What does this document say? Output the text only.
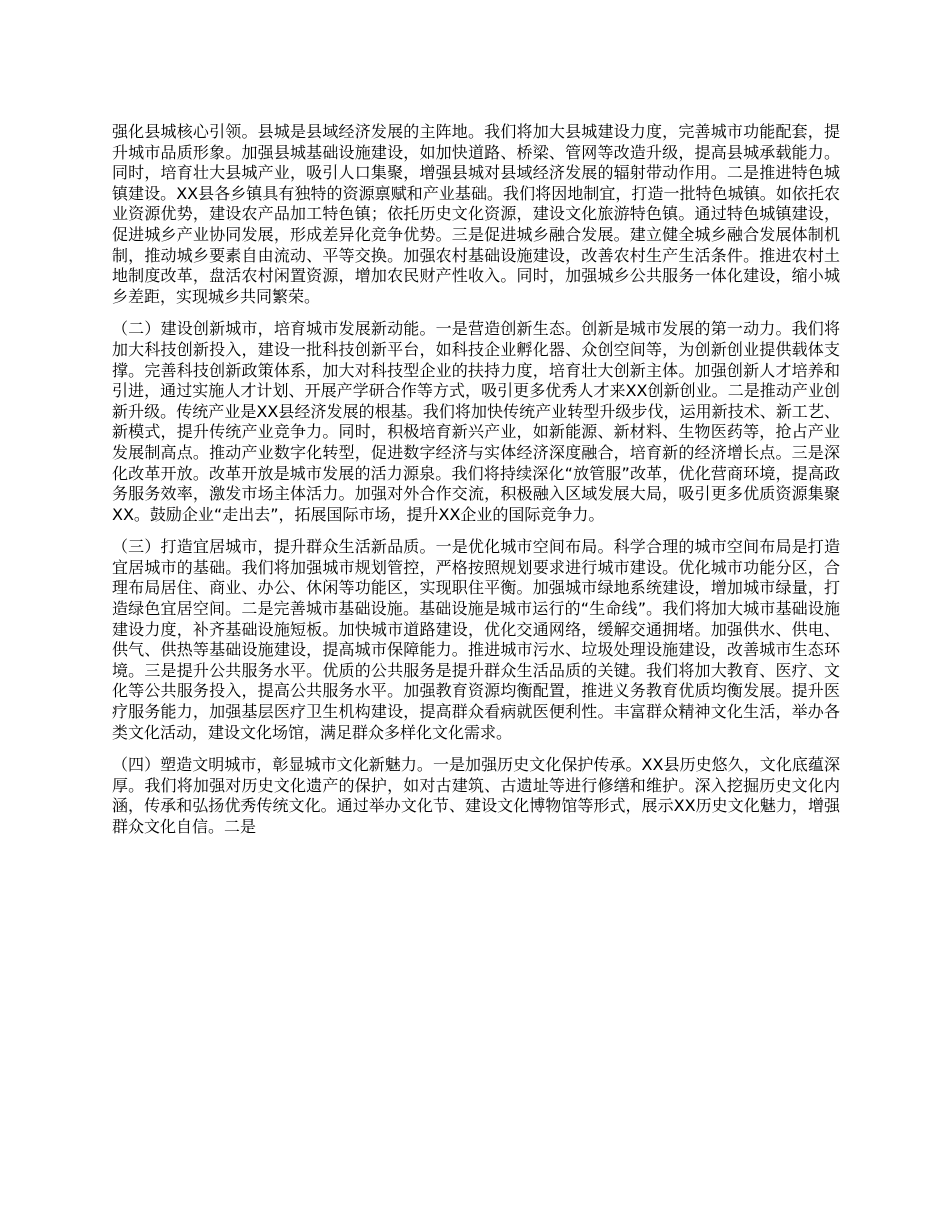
强化县城核心引领。县城是县域经济发展的主阵地。我们将加大县城建设力度，完善城市功能配套，提升城市品质形象。加强县城基础设施建设，如加快道路、桥梁、管网等改造升级，提高县城承载能力。同时，培育壮大县城产业，吸引人口集聚，增强县城对县域经济发展的辐射带动作用。二是推进特色城镇建设。XX县各乡镇具有独特的资源禀赋和产业基础。我们将因地制宜，打造一批特色城镇。如依托农业资源优势，建设农产品加工特色镇；依托历史文化资源，建设文化旅游特色镇。通过特色城镇建设，促进城乡产业协同发展，形成差异化竞争优势。三是促进城乡融合发展。建立健全城乡融合发展体制机制，推动城乡要素自由流动、平等交换。加强农村基础设施建设，改善农村生产生活条件。推进农村土地制度改革，盘活农村闲置资源，增加农民财产性收入。同时，加强城乡公共服务一体化建设，缩小城乡差距，实现城乡共同繁荣。

（二）建设创新城市，培育城市发展新动能。一是营造创新生态。创新是城市发展的第一动力。我们将加大科技创新投入，建设一批科技创新平台，如科技企业孵化器、众创空间等，为创新创业提供载体支撑。完善科技创新政策体系，加大对科技型企业的扶持力度，培育壮大创新主体。加强创新人才培养和引进，通过实施人才计划、开展产学研合作等方式，吸引更多优秀人才来XX创新创业。二是推动产业创新升级。传统产业是XX县经济发展的根基。我们将加快传统产业转型升级步伐，运用新技术、新工艺、新模式，提升传统产业竞争力。同时，积极培育新兴产业，如新能源、新材料、生物医药等，抢占产业发展制高点。推动产业数字化转型，促进数字经济与实体经济深度融合，培育新的经济增长点。三是深化改革开放。改革开放是城市发展的活力源泉。我们将持续深化“放管服”改革，优化营商环境，提高政务服务效率，激发市场主体活力。加强对外合作交流，积极融入区域发展大局，吸引更多优质资源集聚XX。鼓励企业“走出去”，拓展国际市场，提升XX企业的国际竞争力。

（三）打造宜居城市，提升群众生活新品质。一是优化城市空间布局。科学合理的城市空间布局是打造宜居城市的基础。我们将加强城市规划管控，严格按照规划要求进行城市建设。优化城市功能分区，合理布局居住、商业、办公、休闲等功能区，实现职住平衡。加强城市绿地系统建设，增加城市绿量，打造绿色宜居空间。二是完善城市基础设施。基础设施是城市运行的“生命线”。我们将加大城市基础设施建设力度，补齐基础设施短板。加快城市道路建设，优化交通网络，缓解交通拥堵。加强供水、供电、供气、供热等基础设施建设，提高城市保障能力。推进城市污水、垃圾处理设施建设，改善城市生态环境。三是提升公共服务水平。优质的公共服务是提升群众生活品质的关键。我们将加大教育、医疗、文化等公共服务投入，提高公共服务水平。加强教育资源均衡配置，推进义务教育优质均衡发展。提升医疗服务能力，加强基层医疗卫生机构建设，提高群众看病就医便利性。丰富群众精神文化生活，举办各类文化活动，建设文化场馆，满足群众多样化文化需求。

（四）塑造文明城市，彰显城市文化新魅力。一是加强历史文化保护传承。XX县历史悠久，文化底蕴深厚。我们将加强对历史文化遗产的保护，如对古建筑、古遗址等进行修缮和维护。深入挖掘历史文化内涵，传承和弘扬优秀传统文化。通过举办文化节、建设文化博物馆等形式，展示XX历史文化魅力，增强群众文化自信。二是
